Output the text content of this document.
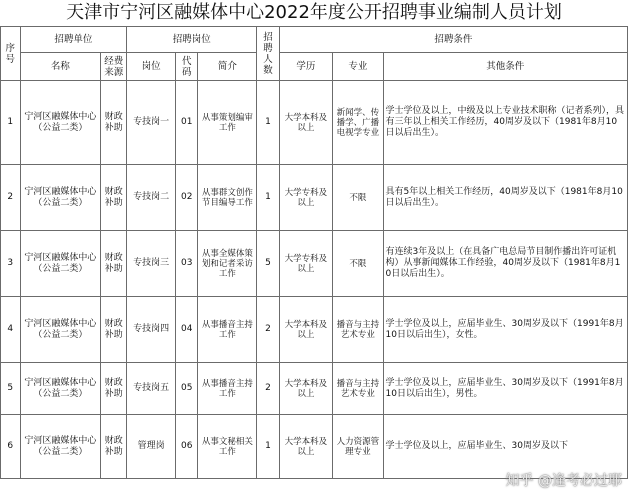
天津市宁河区融媒体中心2022年度公开招聘事业编制人员计划
序号	招聘单位		招聘岗位			招聘人数	招聘条件		
	名称	经费来源	岗位	代码	简介		学历	专业	其他条件
1	宁河区融媒体中心（公益二类）	财政补助	专技岗一	01	从事策划编审工作	1	大学本科及以上	新闻学、传播学、广播电视学专业	学士学位及以上，中级及以上专业技术职称（记者系列），具有三年以上相关工作经历，40周岁及以下（1981年8月10日以后出生）。
2	宁河区融媒体中心（公益二类）	财政补助	专技岗二	02	从事群文创作节目编导工作	1	大学专科及以上	不限	具有5年以上相关工作经历，40周岁及以下（1981年8月10日以后出生）。
3	宁河区融媒体中心（公益二类）	财政补助	专技岗三	03	从事全媒体策划和记者采访工作	5	大学专科及以上	不限	有连续3年及以上（在具备广电总局节目制作播出许可证机构）从事新闻媒体工作经验，40周岁及以下（1981年8月10日以后出生）。
4	宁河区融媒体中心（公益二类）	财政补助	专技岗四	04	从事播音主持工作	2	大学本科及以上	播音与主持艺术专业	学士学位及以上，应届毕业生、30周岁及以下（1991年8月10日以后出生），女性。
5	宁河区融媒体中心（公益二类）	财政补助	专技岗五	05	从事播音主持工作	2	大学本科及以上	播音与主持艺术专业	学士学位及以上，应届毕业生、30周岁及以下（1991年8月10日以后出生），男性。
6	宁河区融媒体中心（公益二类）	财政补助	管理岗	06	从事文秘相关工作	1	大学本科及以上	人力资源管理专业	学士学位及以上，应届毕业生、30周岁及以下
知乎 @逢考必过耶
